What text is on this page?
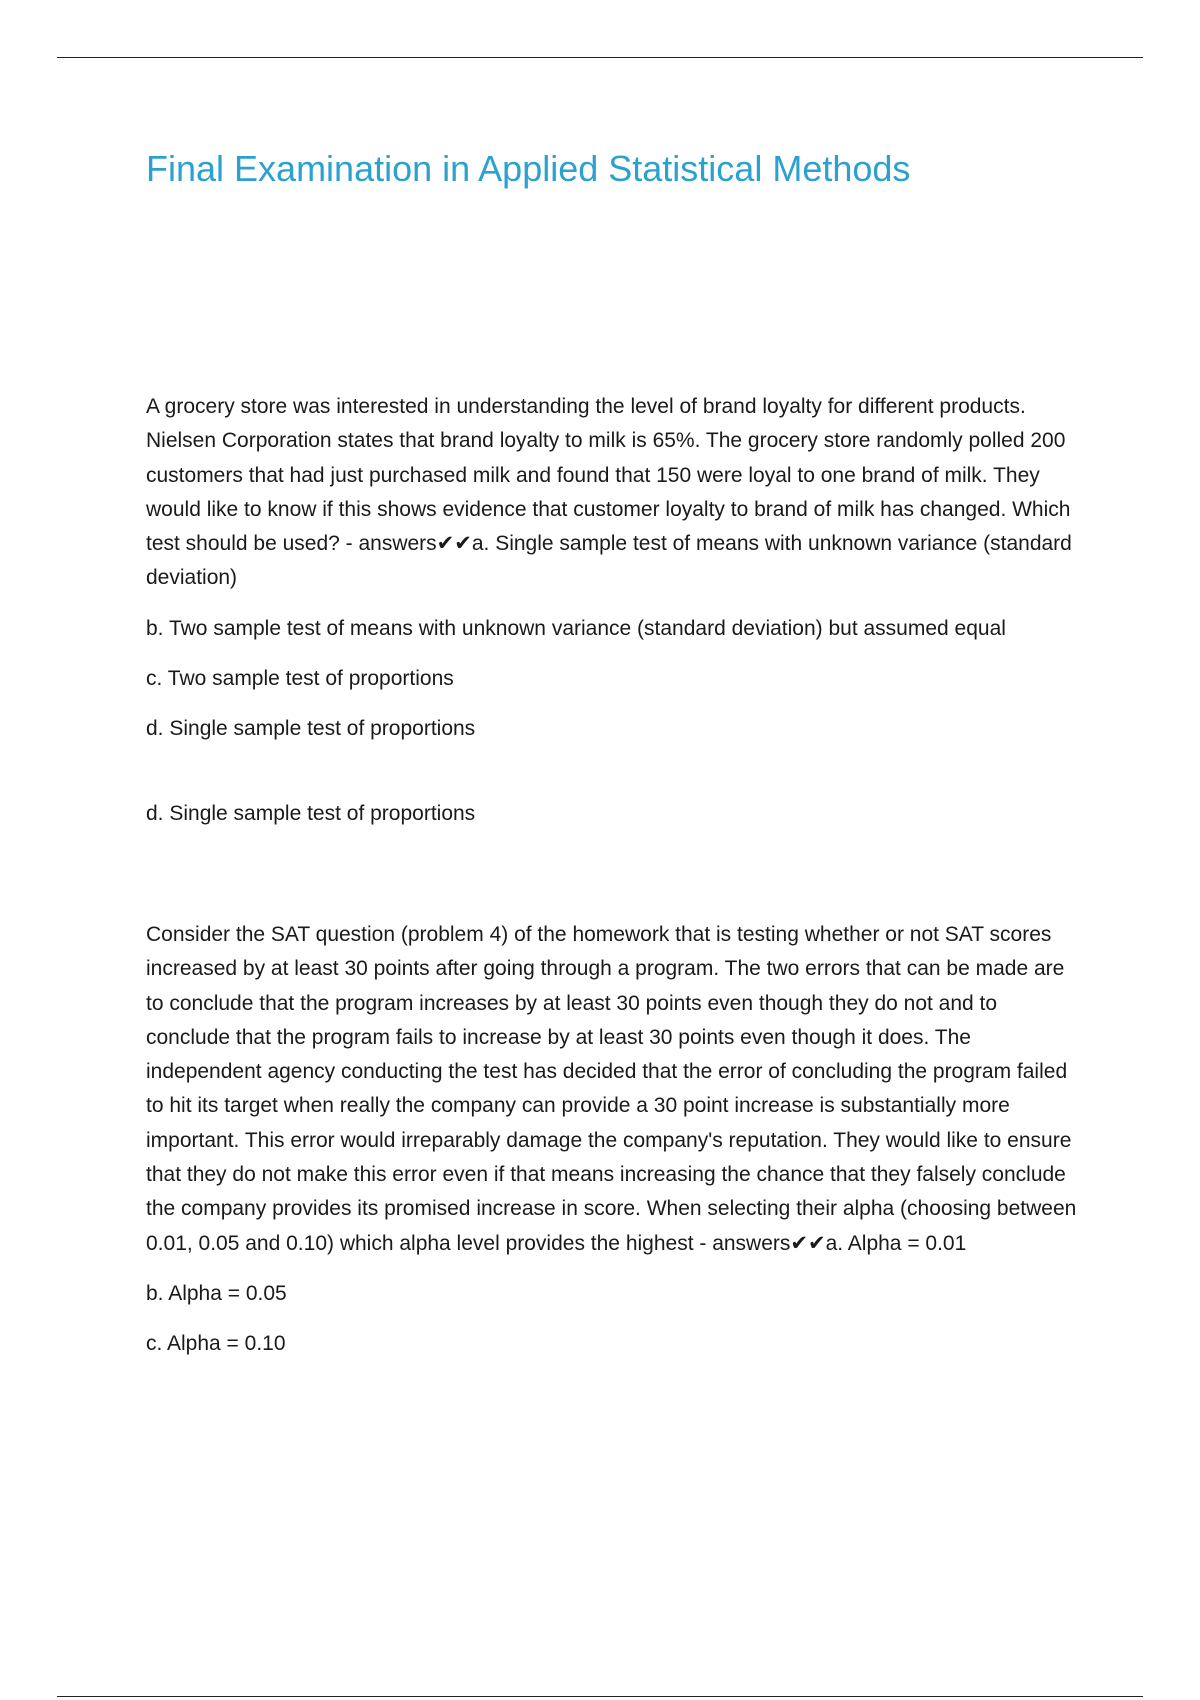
Final Examination in Applied Statistical Methods

A grocery store was interested in understanding the level of brand loyalty for different products. Nielsen Corporation states that brand loyalty to milk is 65%. The grocery store randomly polled 200 customers that had just purchased milk and found that 150 were loyal to one brand of milk. They would like to know if this shows evidence that customer loyalty to brand of milk has changed. Which test should be used? - answers✔✔a. Single sample test of means with unknown variance (standard deviation)

b. Two sample test of means with unknown variance (standard deviation) but assumed equal

c. Two sample test of proportions

d. Single sample test of proportions

d. Single sample test of proportions

Consider the SAT question (problem 4) of the homework that is testing whether or not SAT scores increased by at least 30 points after going through a program. The two errors that can be made are to conclude that the program increases by at least 30 points even though they do not and to conclude that the program fails to increase by at least 30 points even though it does. The independent agency conducting the test has decided that the error of concluding the program failed to hit its target when really the company can provide a 30 point increase is substantially more important. This error would irreparably damage the company's reputation. They would like to ensure that they do not make this error even if that means increasing the chance that they falsely conclude the company provides its promised increase in score. When selecting their alpha (choosing between 0.01, 0.05 and 0.10) which alpha level provides the highest - answers✔✔a. Alpha = 0.01

b. Alpha = 0.05

c. Alpha = 0.10
